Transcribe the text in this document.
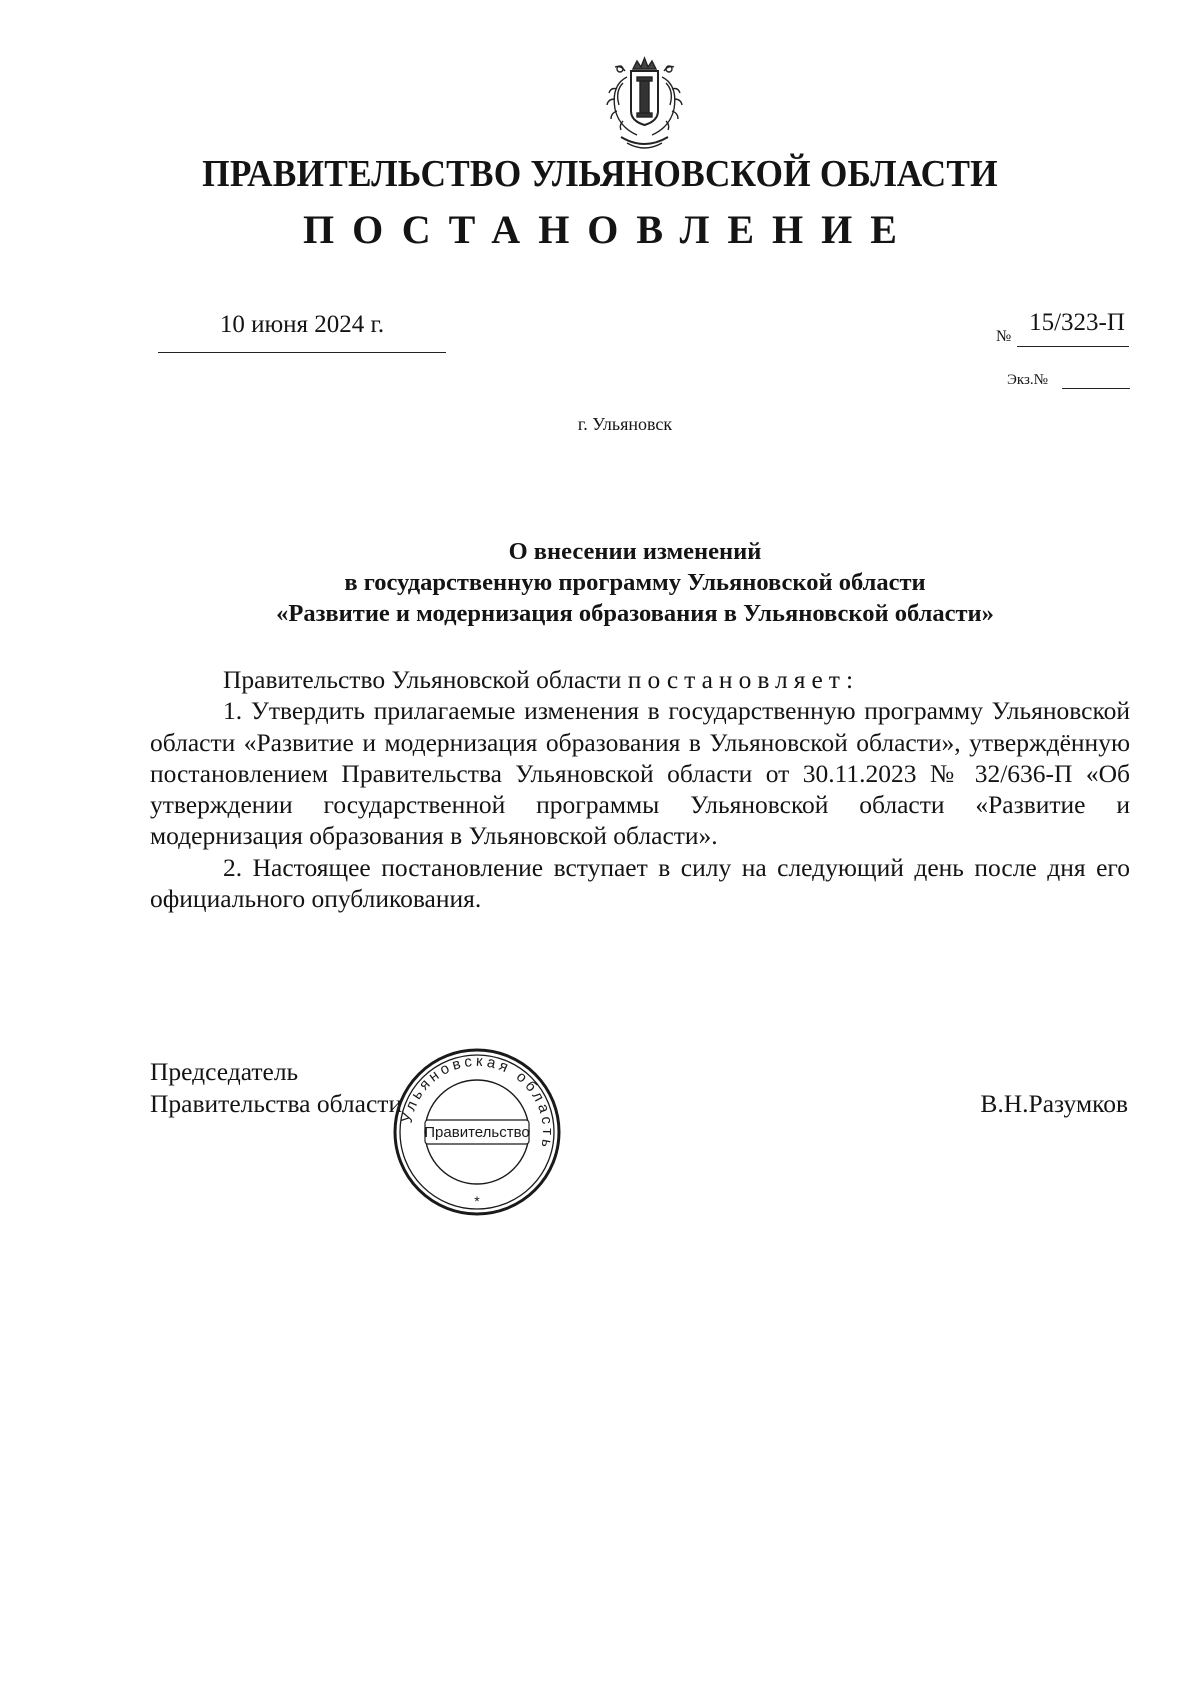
ПРАВИТЕЛЬСТВО УЛЬЯНОВСКОЙ ОБЛАСТИ
ПОСТАНОВЛЕНИЕ
10 июня 2024 г.	№
15/323-П
Экз.№
г. Ульяновск
О внесении изменений
в государственную программу Ульяновской области
«Развитие и модернизация образования в Ульяновской области»

Правительство Ульяновской области постановляет:

1. Утвердить прилагаемые изменения в государственную программу Ульяновской области «Развитие и модернизация образования в Ульяновской области», утверждённую постановлением Правительства Ульяновской области от 30.11.2023 № 32/636-П «Об утверждении государственной программы Ульяновской области «Развитие и модернизация образования в Ульяновской области».

2. Настоящее постановление вступает в силу на следующий день после дня его официального опубликования.

Председатель
Правительства области	В.Н.Разумков
Ульяновская область
Правительство
*
